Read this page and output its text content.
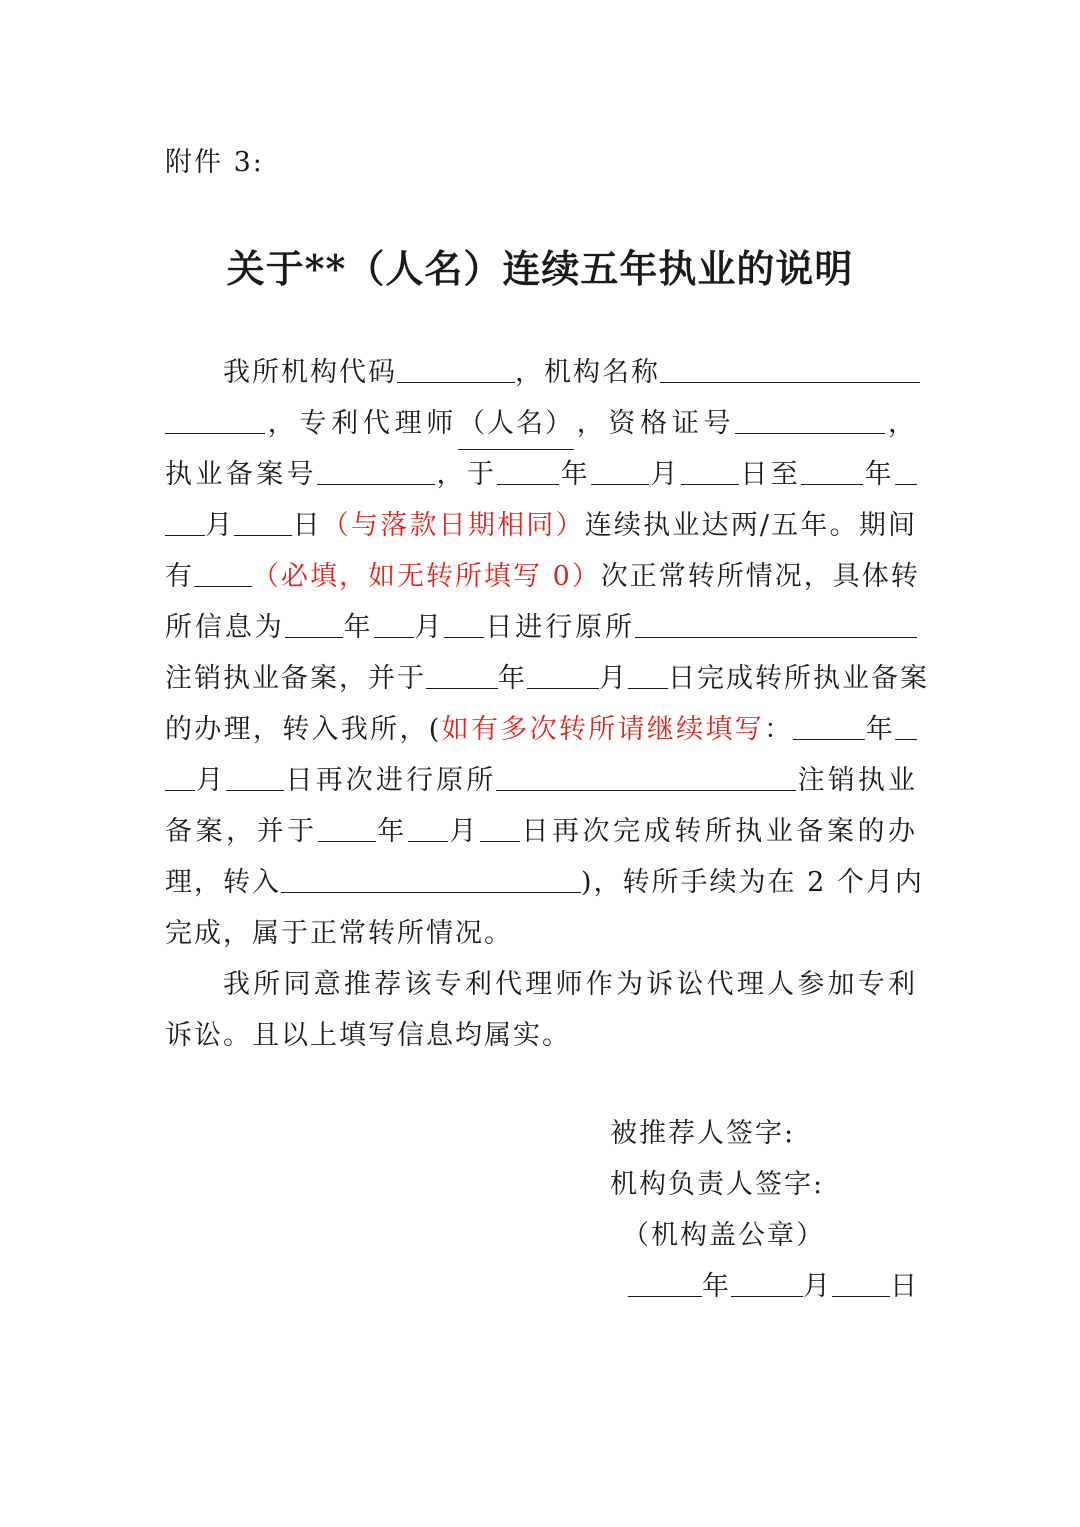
附件 3:
关于**（人名）连续五年执业的说明
我所机构代码	，机构名称
，专利代理师（人名），资格证号	，
执业备案号	，于 年 月 日至 年
月 日（与落款日期相同）连续执业达两/五年。期间
有 （必填，如无转所填写 0）次正常转所情况，具体转
所信息为 年 月 日进行原所
注销执业备案，并于	年	月 日完成转所执业备案
的办理，转入我所，(如有多次转所请继续填写：	年
月 日再次进行原所	注销执业
备案，并于 年 月 日再次完成转所执业备案的办
理，转入	)，转所手续为在 2 个月内
完成，属于正常转所情况。
我所同意推荐该专利代理师作为诉讼代理人参加专利
诉讼。且以上填写信息均属实。
被推荐人签字:
机构负责人签字:
（机构盖公章）
年	月 日
